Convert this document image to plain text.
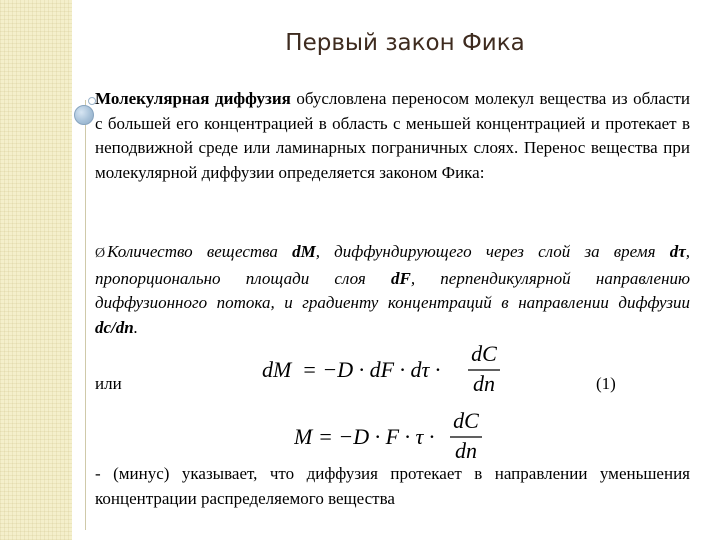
Первый закон Фика
Молекулярная диффузия обусловлена переносом молекул вещества из области с большей его концентрацией в область с меньшей концентрацией и протекает в неподвижной среде или ламинарных пограничных слоях. Перенос вещества при молекулярной диффузии определяется законом Фика:
Ø Количество вещества dM, диффундирующего через слой за время dτ, пропорционально площади слоя dF, перпендикулярной направлению диффузионного потока, и градиенту концентраций в направлении диффузии dc/dn.
dM = −D · dF · dτ ·
dC
dn
или	(1)
M = −D · F · τ ·
dC
dn
- (минус) указывает, что диффузия протекает в направлении уменьшения концентрации распределяемого вещества
